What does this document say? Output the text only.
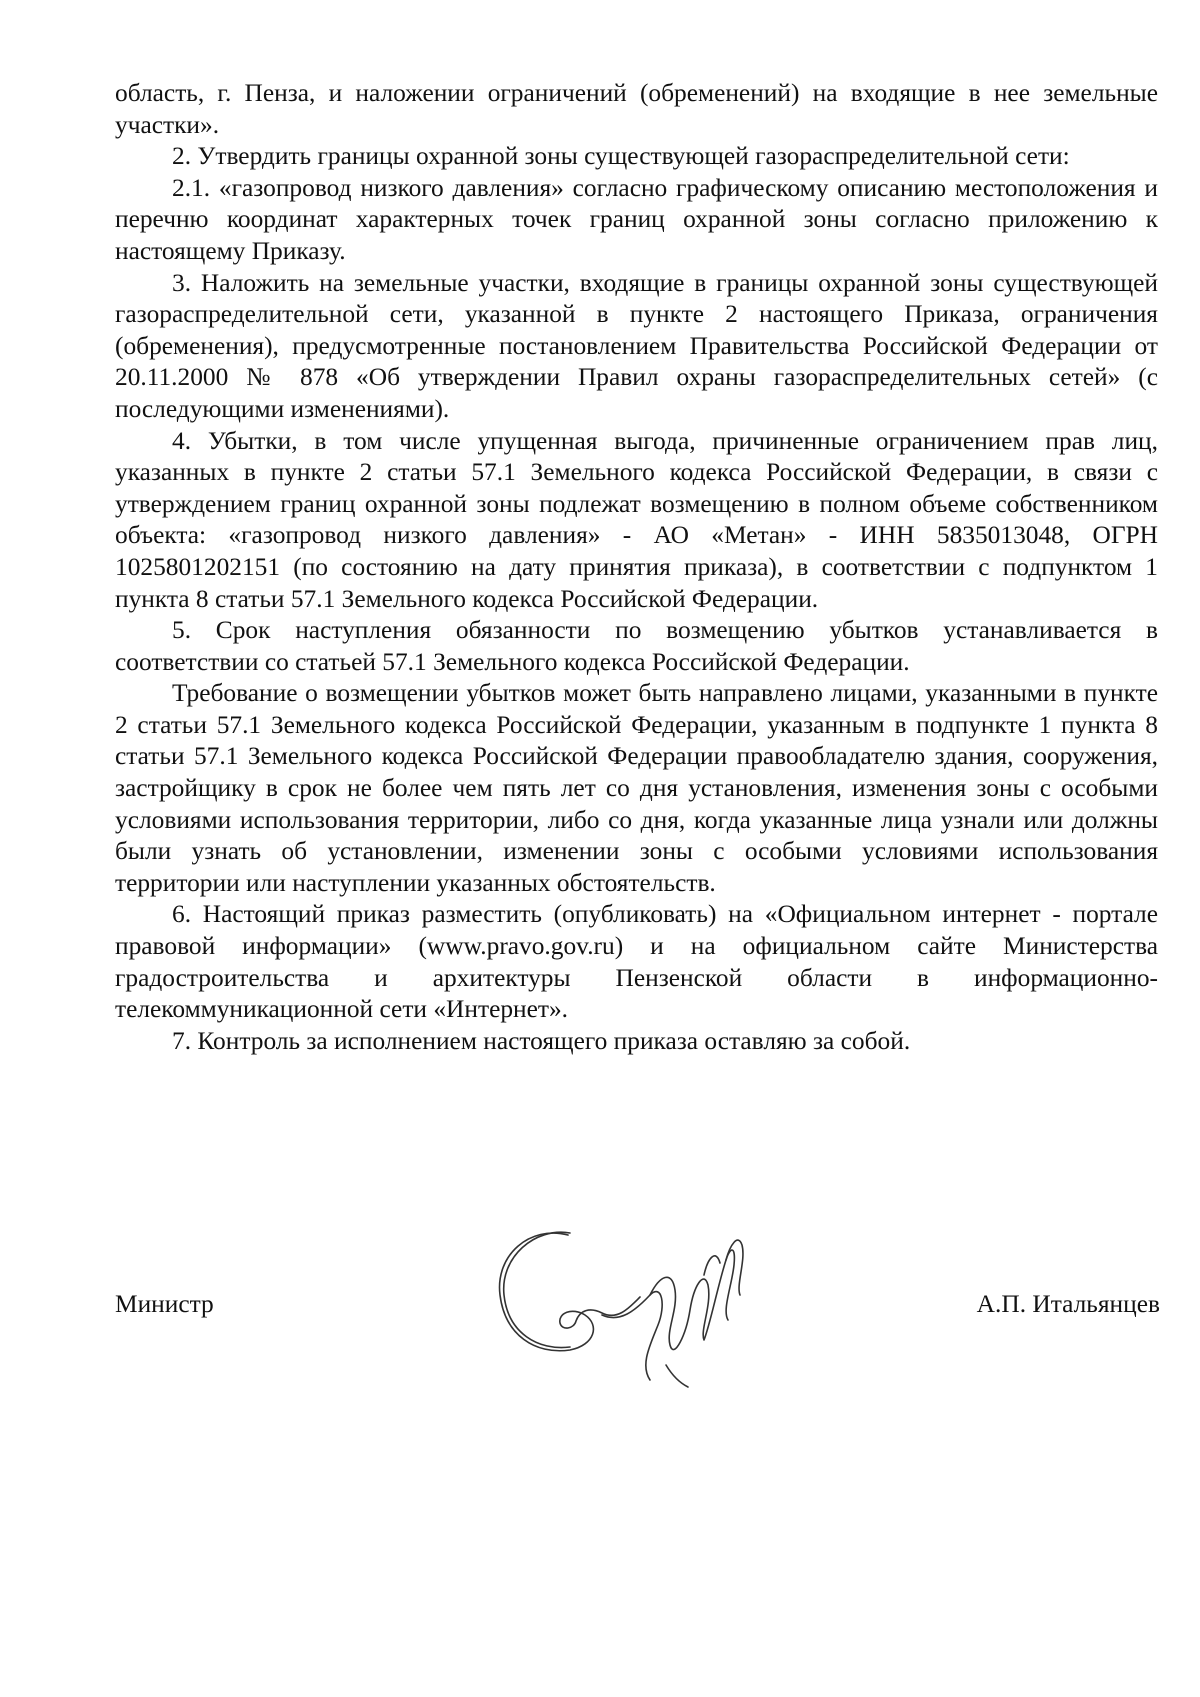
область, г. Пенза, и наложении ограничений (обременений) на входящие в нее земельные участки».

2. Утвердить границы охранной зоны существующей газораспределительной сети:

2.1. «газопровод низкого давления» согласно графическому описанию местоположения и перечню координат характерных точек границ охранной зоны согласно приложению к настоящему Приказу.

3. Наложить на земельные участки, входящие в границы охранной зоны существующей газораспределительной сети, указанной в пункте 2 настоящего Приказа, ограничения (обременения), предусмотренные постановлением Правительства Российской Федерации от 20.11.2000 № 878 «Об утверждении Правил охраны газораспределительных сетей» (с последующими изменениями).

4. Убытки, в том числе упущенная выгода, причиненные ограничением прав лиц, указанных в пункте 2 статьи 57.1 Земельного кодекса Российской Федерации, в связи с утверждением границ охранной зоны подлежат возмещению в полном объеме собственником объекта: «газопровод низкого давления» - АО «Метан» - ИНН 5835013048, ОГРН 1025801202151 (по состоянию на дату принятия приказа), в соответствии с подпунктом 1 пункта 8 статьи 57.1 Земельного кодекса Российской Федерации.

5. Срок наступления обязанности по возмещению убытков устанавливается в соответствии со статьей 57.1 Земельного кодекса Российской Федерации.

Требование о возмещении убытков может быть направлено лицами, указанными в пункте 2 статьи 57.1 Земельного кодекса Российской Федерации, указанным в подпункте 1 пункта 8 статьи 57.1 Земельного кодекса Российской Федерации правообладателю здания, сооружения, застройщику в срок не более чем пять лет со дня установления, изменения зоны с особыми условиями использования территории, либо со дня, когда указанные лица узнали или должны были узнать об установлении, изменении зоны с особыми условиями использования территории или наступлении указанных обстоятельств.

6. Настоящий приказ разместить (опубликовать) на «Официальном интернет - портале правовой информации» (www.pravo.gov.ru) и на официальном сайте Министерства градостроительства и архитектуры Пензенской области в информационно-телекоммуникационной сети «Интернет».

7. Контроль за исполнением настоящего приказа оставляю за собой.

Министр	А.П. Итальянцев
